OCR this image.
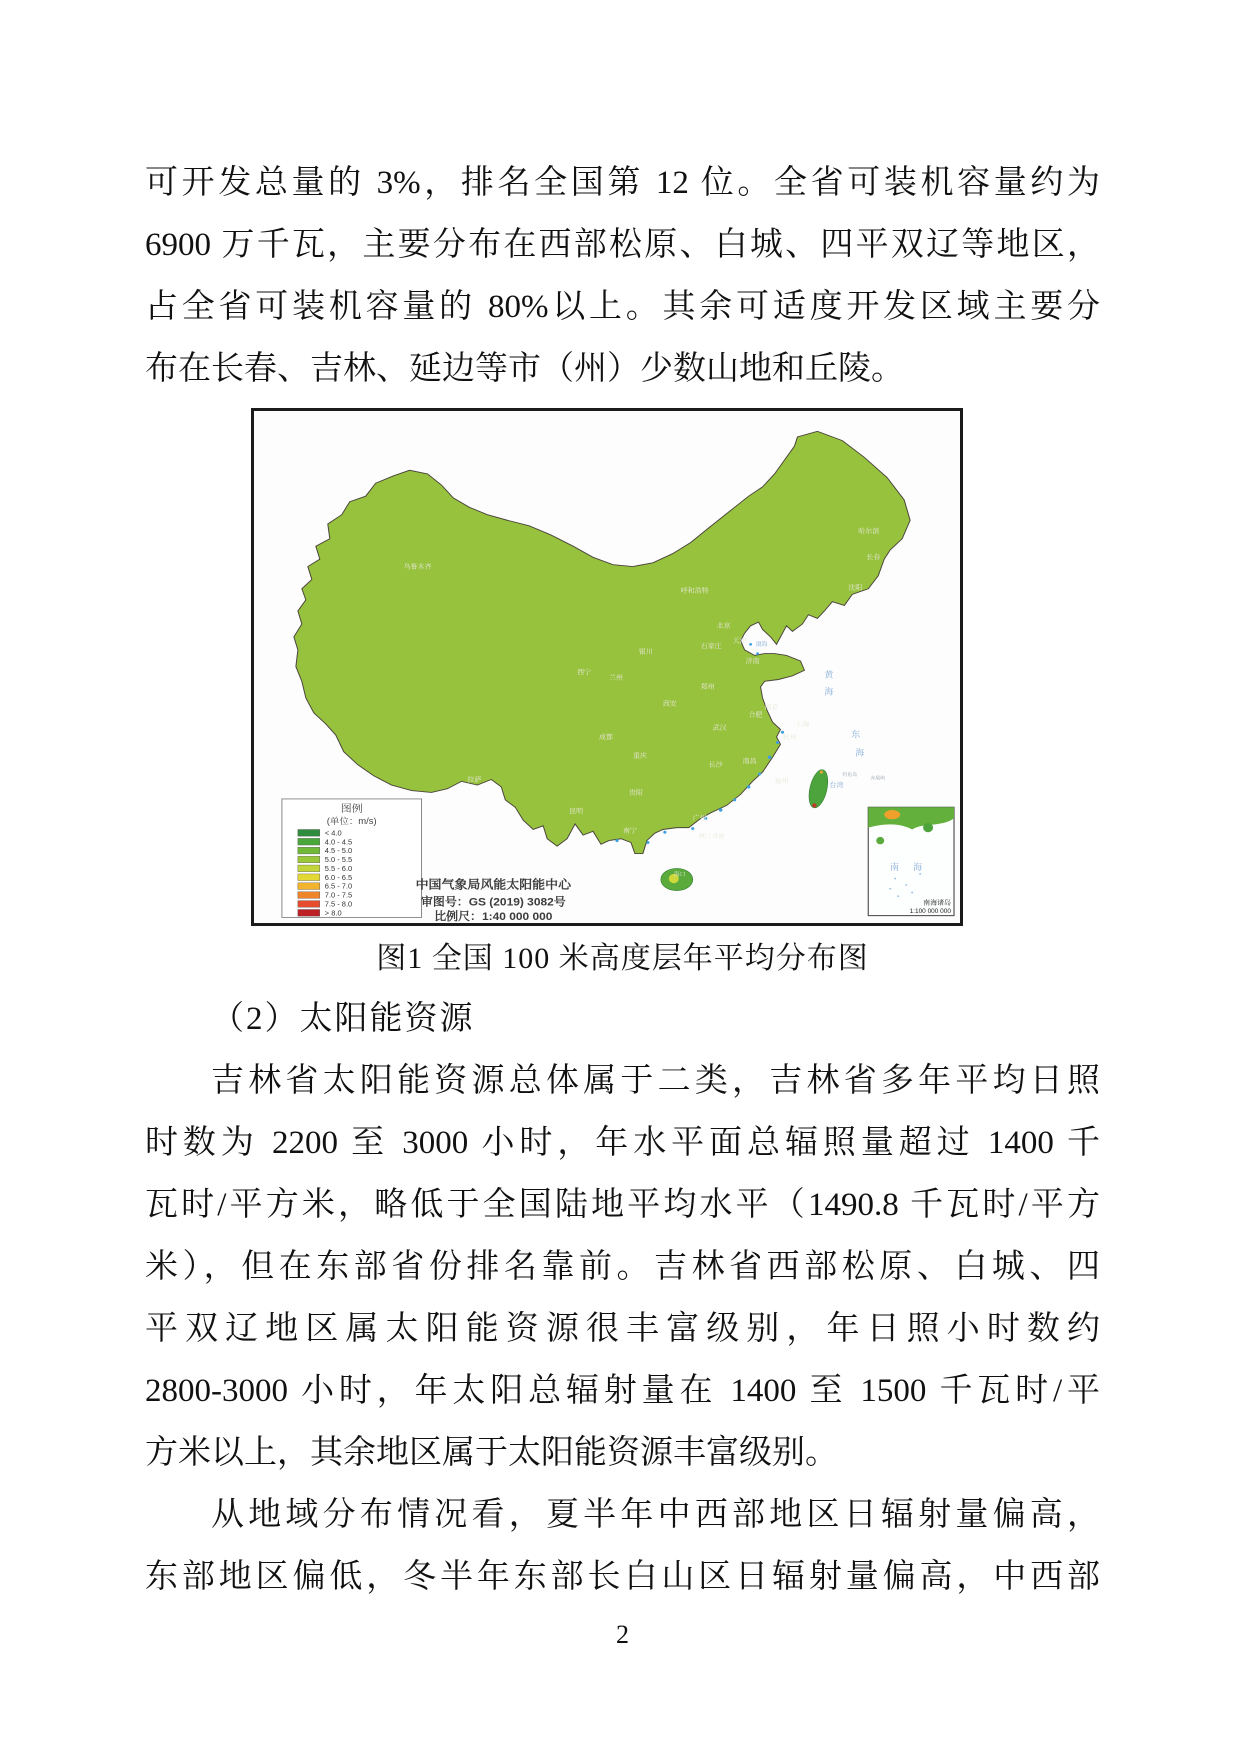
可开发总量的 3%，排名全国第 12 位。全省可装机容量约为
6900 万千瓦，主要分布在西部松原、白城、四平双辽等地区，
占全省可装机容量的 80%以上。其余可适度开发区域主要分
布在长春、吉林、延边等市（州）少数山地和丘陵。
乌鲁木齐
哈尔滨
长春
沈阳
呼和浩特
银川
北京
天津
石家庄
济南
郑州
西安
兰州
西宁
拉萨
成都
重庆
贵阳
昆明
南宁
武汉
长沙
南昌
合肥
南京
上海
杭州
福州
广州
澳门 香港
海口
渤海
黄
海
东
海
台湾
钓鱼岛
赤尾屿
图例
(单位：m/s)
< 4.0
4.0 - 4.5
4.5 - 5.0
5.0 - 5.5
5.5 - 6.0
6.0 - 6.5
6.5 - 7.0
7.0 - 7.5
7.5 - 8.0
> 8.0
中国气象局风能太阳能中心
审图号：GS (2019) 3082号
比例尺：1:40 000 000
南海
南海诸岛
1:100 000 000
图1 全国 100 米高度层年平均分布图
（2）太阳能资源
吉林省太阳能资源总体属于二类，吉林省多年平均日照
时数为 2200 至 3000 小时，年水平面总辐照量超过 1400 千
瓦时/平方米，略低于全国陆地平均水平（1490.8 千瓦时/平方
米），但在东部省份排名靠前。吉林省西部松原、白城、四
平双辽地区属太阳能资源很丰富级别，年日照小时数约
2800-3000 小时，年太阳总辐射量在 1400 至 1500 千瓦时/平
方米以上，其余地区属于太阳能资源丰富级别。
从地域分布情况看，夏半年中西部地区日辐射量偏高，
东部地区偏低，冬半年东部长白山区日辐射量偏高，中西部
2
